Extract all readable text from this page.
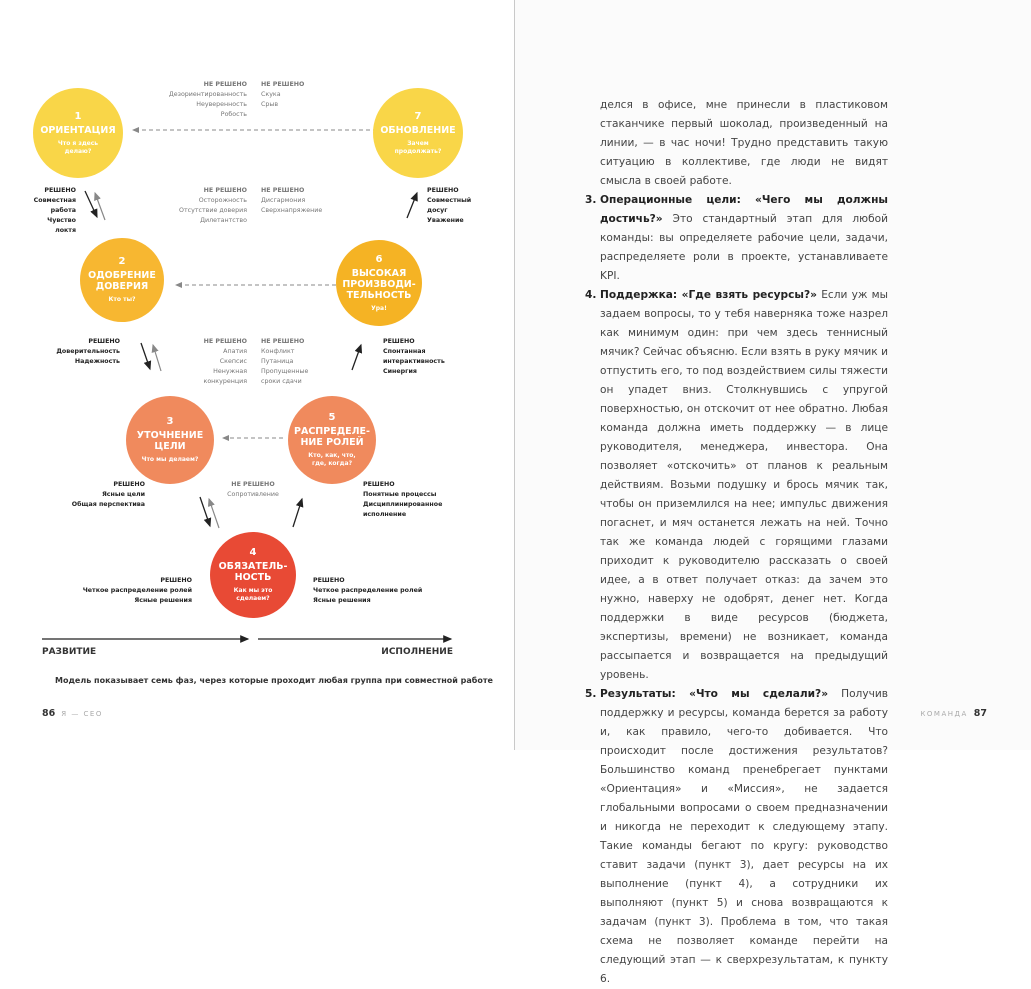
1
ОРИЕНТАЦИЯ
Что я здесь
делаю?
2
ОДОБРЕНИЕ
ДОВЕРИЯ
Кто ты?
3
УТОЧНЕНИЕ
ЦЕЛИ
Что мы делаем?
4
ОБЯЗАТЕЛЬ-
НОСТЬ
Как мы это
сделаем?
5
РАСПРЕДЕЛЕ-
НИЕ РОЛЕЙ
Кто, как, что,
где, когда?
6
ВЫСОКАЯ
ПРОИЗВОДИ-
ТЕЛЬНОСТЬ
Ура!
7
ОБНОВЛЕНИЕ
Зачем
продолжать?
НЕ РЕШЕНО
Дезориентированность
Неуверенность
Робость
НЕ РЕШЕНО
Скука
Срыв
НЕ РЕШЕНО
Осторожность
Отсутствие доверия
Дилетантство
НЕ РЕШЕНО
Дисгармония
Сверхнапряжение
НЕ РЕШЕНО
Апатия
Скепсис
Ненужная
конкуренция
НЕ РЕШЕНО
Конфликт
Путаница
Пропущенные
сроки сдачи
НЕ РЕШЕНО
Сопротивление
РЕШЕНО
Совместная
работа
Чувство
локтя
РЕШЕНО
Совместный
досуг
Уважение
РЕШЕНО
Доверительность
Надежность
РЕШЕНО
Спонтанная
интерактивность
Синергия
РЕШЕНО
Ясные цели
Общая перспектива
РЕШЕНО
Понятные процессы
Дисциплинированное
исполнение
РЕШЕНО
Четкое распределение ролей
Ясные решения
РЕШЕНО
Четкое распределение ролей
Ясные решения
РАЗВИТИЕ	ИСПОЛНЕНИЕ
Модель показывает семь фаз, через которые проходит любая группа при совместной работе
86 Я — CEO

делся в офисе, мне принесли в пластиковом стаканчике первый шоколад, произведенный на линии, — в час ночи! Трудно представить такую ситуацию в коллективе, где люди не видят смысла в своей работе.

3. Операционные цели: «Чего мы должны достичь?» Это стандартный этап для любой команды: вы определяете рабочие цели, задачи, распределяете роли в проекте, устанавливаете KPI.

4. Поддержка: «Где взять ресурсы?» Если уж мы задаем вопросы, то у тебя наверняка тоже назрел как минимум один: при чем здесь теннисный мячик? Сейчас объясню. Если взять в руку мячик и отпустить его, то под воздействием силы тяжести он упадет вниз. Столкнувшись с упругой поверхностью, он отскочит от нее обратно. Любая команда должна иметь поддержку — в лице руководителя, менеджера, инвестора. Она позволяет «отскочить» от планов к реальным действиям. Возьми подушку и брось мячик так, чтобы он приземлился на нее; импульс движения погаснет, и мяч останется лежать на ней. Точно так же команда людей с горящими глазами приходит к руководителю рассказать о своей идее, а в ответ получает отказ: да зачем это нужно, наверху не одобрят, денег нет. Когда поддержки в виде ресурсов (бюджета, экспертизы, времени) не возникает, команда рассыпается и возвращается на предыдущий уровень.

5. Результаты: «Что мы сделали?» Получив поддержку и ресурсы, команда берется за работу и, как правило, чего-то добивается. Что происходит после достижения результатов? Большинство команд пренебрегает пунктами «Ориентация» и «Миссия», не задается глобальными вопросами о своем предназначении и никогда не переходит к следующему этапу. Такие команды бегают по кругу: руководство ставит задачи (пункт 3), дает ресурсы на их выполнение (пункт 4), а сотрудники их выполняют (пункт 5) и снова возвращаются к задачам (пункт 3). Проблема в том, что такая схема не позволяет команде перейти на следующий этап — к сверхрезультатам, к пункту 6.

КОМАНДА 87
